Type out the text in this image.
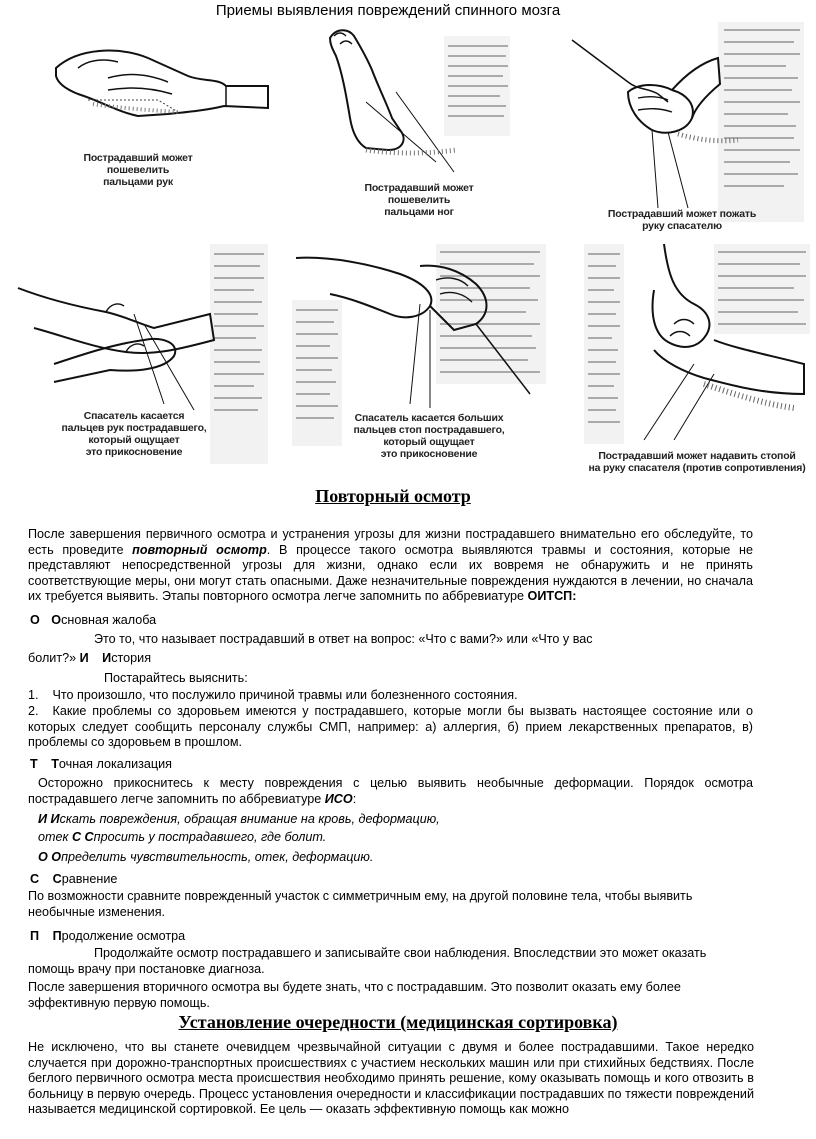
Приемы выявления повреждений спинного мозга
Пострадавший может пошевелить
пальцами рук	Пострадавший может пошевелить
пальцами ног	Пострадавший может пожать
руку спасателю
Спасатель касается
пальцев рук пострадавшего,
который ощущает
это прикосновение
Спасатель касается больших
пальцев стоп пострадавшего,
который ощущает
это прикосновение	Пострадавший может надавить стопой
на руку спасателя (против сопротивления)
Повторный осмотр
После завершения первичного осмотра и устранения угрозы для жизни пострадавшего внимательно его обследуйте, то есть проведите повторный осмотр. В процессе такого осмотра выявляются травмы и состояния, которые не представляют непосредственной угрозы для жизни, однако если их вовремя не обнаружить и не принять соответствующие меры, они могут стать опасными. Даже незначительные повреждения нуждаются в лечении, но сначала их требуется выявить. Этапы повторного осмотра легче запомнить по аббревиатуре ОИТСП:
О Основная жалоба
Это то, что называет пострадавший в ответ на вопрос: «Что с вами?» или «Что у вас
болит?» И История
Постарайтесь выяснить:
1. Что произошло, что послужило причиной травмы или болезненного состояния.
2. Какие проблемы со здоровьем имеются у пострадавшего, которые могли бы вызвать настоящее состояние или о которых следует сообщить персоналу службы СМП, например: а) аллергия, б) прием лекарственных препаратов, в) проблемы со здоровьем в прошлом.
Т Точная локализация
Осторожно прикоснитесь к месту повреждения с целью выявить необычные деформации. Порядок осмотра пострадавшего легче запомнить по аббревиатуре ИСО:
И Искать повреждения, обращая внимание на кровь, деформацию,
отек С Спросить у пострадавшего, где болит.
О Определить чувствительность, отек, деформацию.
С Сравнение
По возможности сравните поврежденный участок с симметричным ему, на другой половине тела, чтобы выявить необычные изменения.
П Продолжение осмотра
Продолжайте осмотр пострадавшего и записывайте свои наблюдения. Впоследствии это может оказать помощь врачу при постановке диагноза.
После завершения вторичного осмотра вы будете знать, что с пострадавшим. Это позволит оказать ему более эффективную первую помощь.
Установление очередности (медицинская сортировка)
Не исключено, что вы станете очевидцем чрезвычайной ситуации с двумя и более пострадавшими. Такое нередко случается при дорожно-транспортных происшествиях с участием нескольких машин или при стихийных бедствиях. После беглого первичного осмотра места происшествия необходимо принять решение, кому оказывать помощь и кого отвозить в больницу в первую очередь. Процесс установления очередности и классификации пострадавших по тяжести повреждений называется медицинской сортировкой. Ее цель — оказать эффективную помощь как можно
